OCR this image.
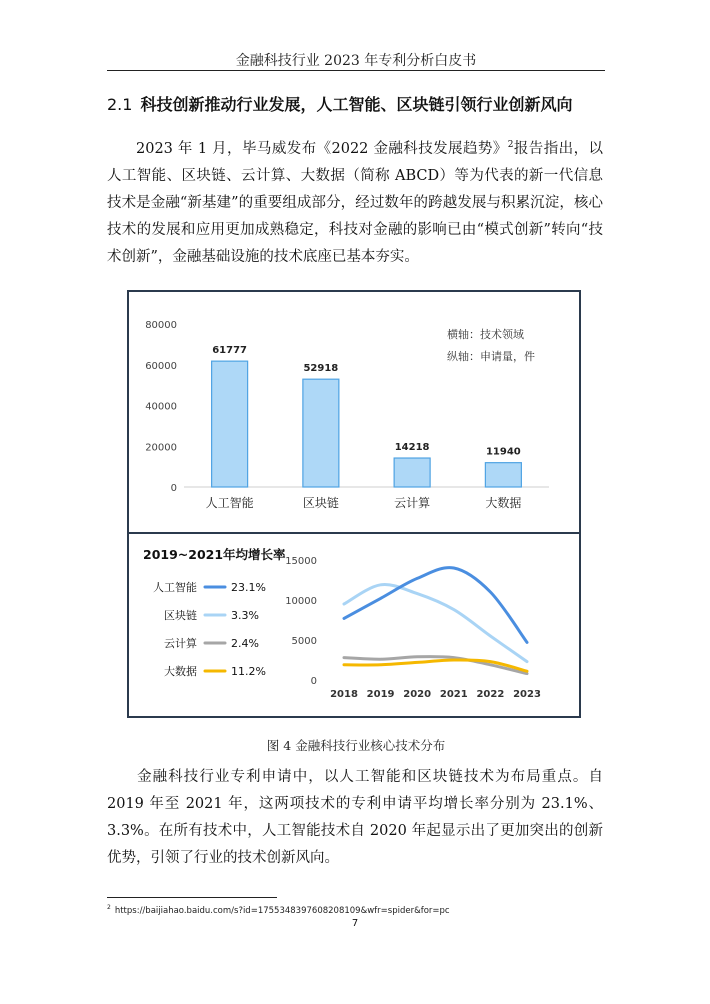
金融科技行业 2023 年专利分析白皮书
2.1 科技创新推动行业发展，人工智能、区块链引领行业创新风向
2023 年 1 月，毕马威发布《2022 金融科技发展趋势》$^2$报告指出，以人工智能、区块链、云计算、大数据（简称 ABCD）等为代表的新一代信息技术是金融“新基建”的重要组成部分，经过数年的跨越发展与积累沉淀，核心技术的发展和应用更加成熟稳定，科技对金融的影响已由“模式创新”转向“技术创新”，金融基础设施的技术底座已基本夯实。
0
20000
40000
60000
80000
61777
人工智能
52918
区块链
14218
云计算
11940
大数据
横轴：技术领域
纵轴：申请量，件
2019~2021年均增长率
人工智能	23.1%
区块链	3.3%
云计算	2.4%
大数据	11.2%
0
5000
10000
15000
2018 2019 2020 2021 2022 2023
图 4 金融科技行业核心技术分布
金融科技行业专利申请中，以人工智能和区块链技术为布局重点。自 2019 年至 2021 年，这两项技术的专利申请平均增长率分别为 23.1%、3.3%。在所有技术中，人工智能技术自 2020 年起显示出了更加突出的创新优势，引领了行业的技术创新风向。
$^2$ https://baijiahao.baidu.com/s?id=1755348397608208109&wfr=spider&for=pc
7
